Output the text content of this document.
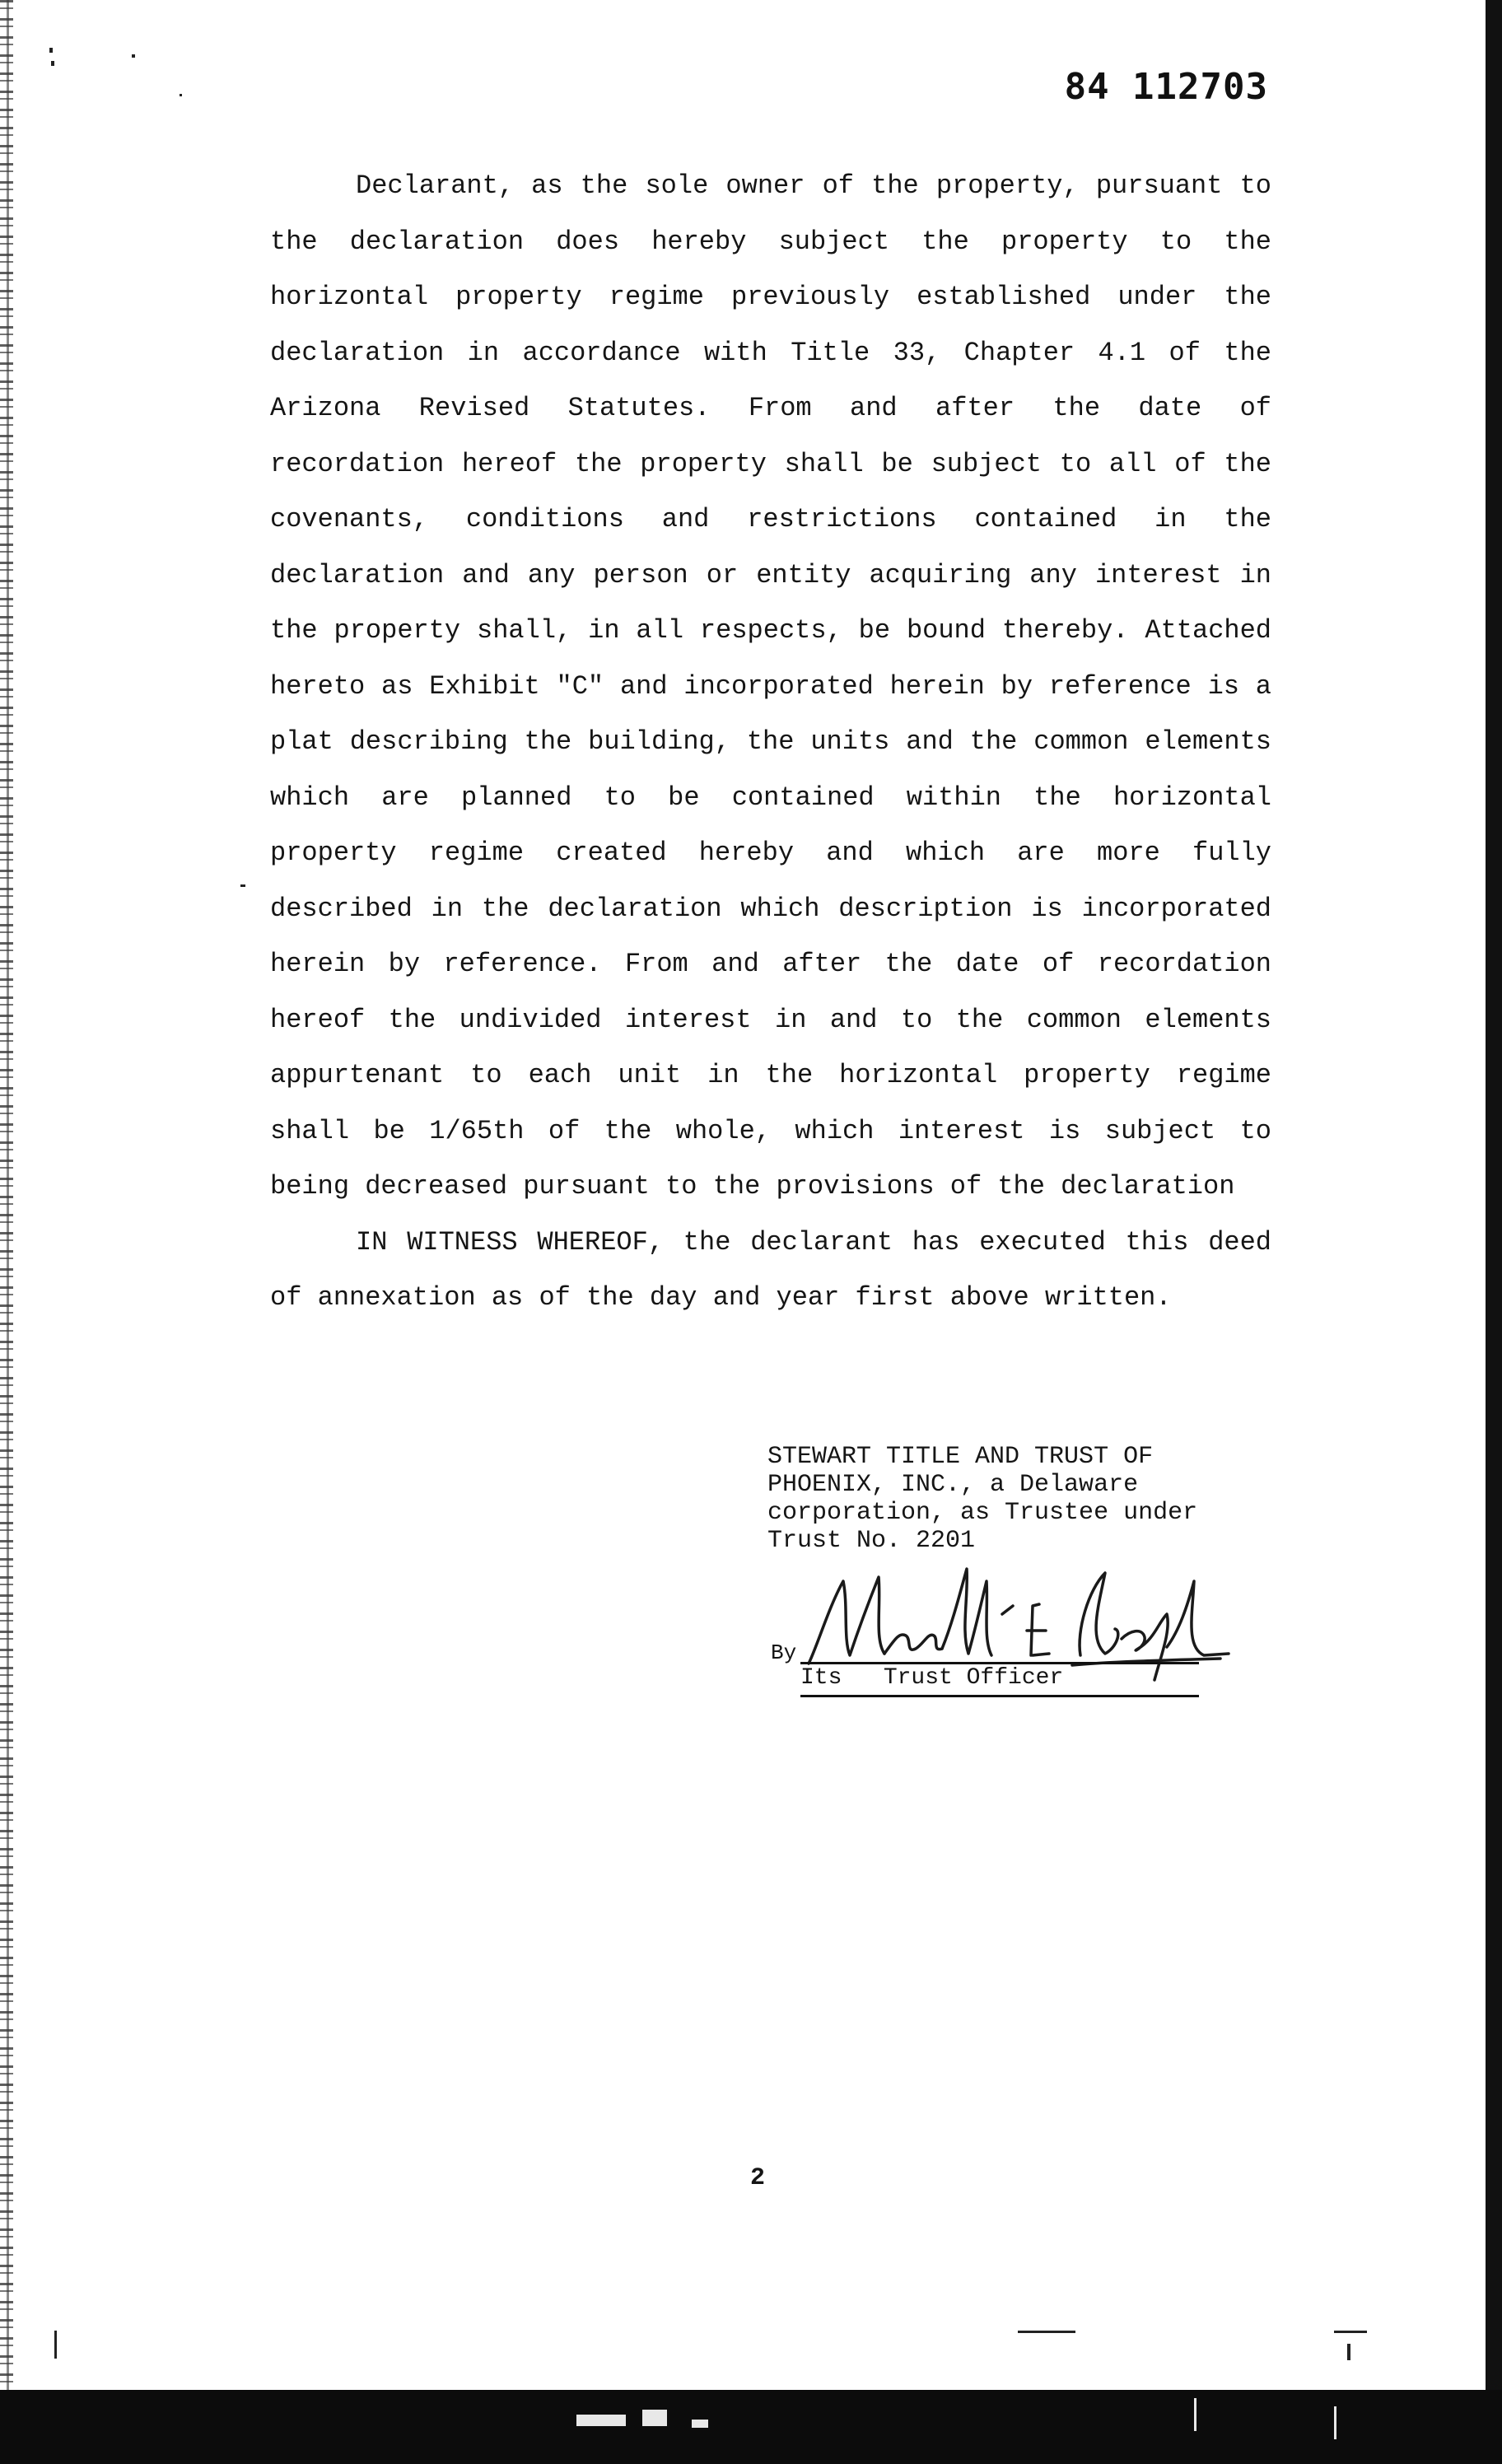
84 112703

Declarant, as the sole owner of the property, pursuant to the declaration does hereby subject the property to the horizontal property regime previously established under the declaration in accordance with Title 33, Chapter 4.1 of the Arizona Revised Statutes. From and after the date of recordation hereof the property shall be subject to all of the covenants, conditions and restrictions contained in the declaration and any person or entity acquiring any interest in the property shall, in all respects, be bound thereby. Attached hereto as Exhibit "C" and incorporated herein by reference is a plat describing the building, the units and the common elements which are planned to be contained within the horizontal property regime created hereby and which are more fully described in the declaration which description is incorporated herein by reference. From and after the date of recordation hereof the undivided interest in and to the common elements appurtenant to each unit in the horizontal property regime shall be 1/65th of the whole, which interest is subject to being decreased pursuant to the provisions of the declaration

IN WITNESS WHEREOF, the declarant has executed this deed of annexation as of the day and year first above written.

STEWART TITLE AND TRUST OF
PHOENIX, INC., a Delaware
corporation, as Trustee under
Trust No. 2201
By
Its   Trust Officer
2
